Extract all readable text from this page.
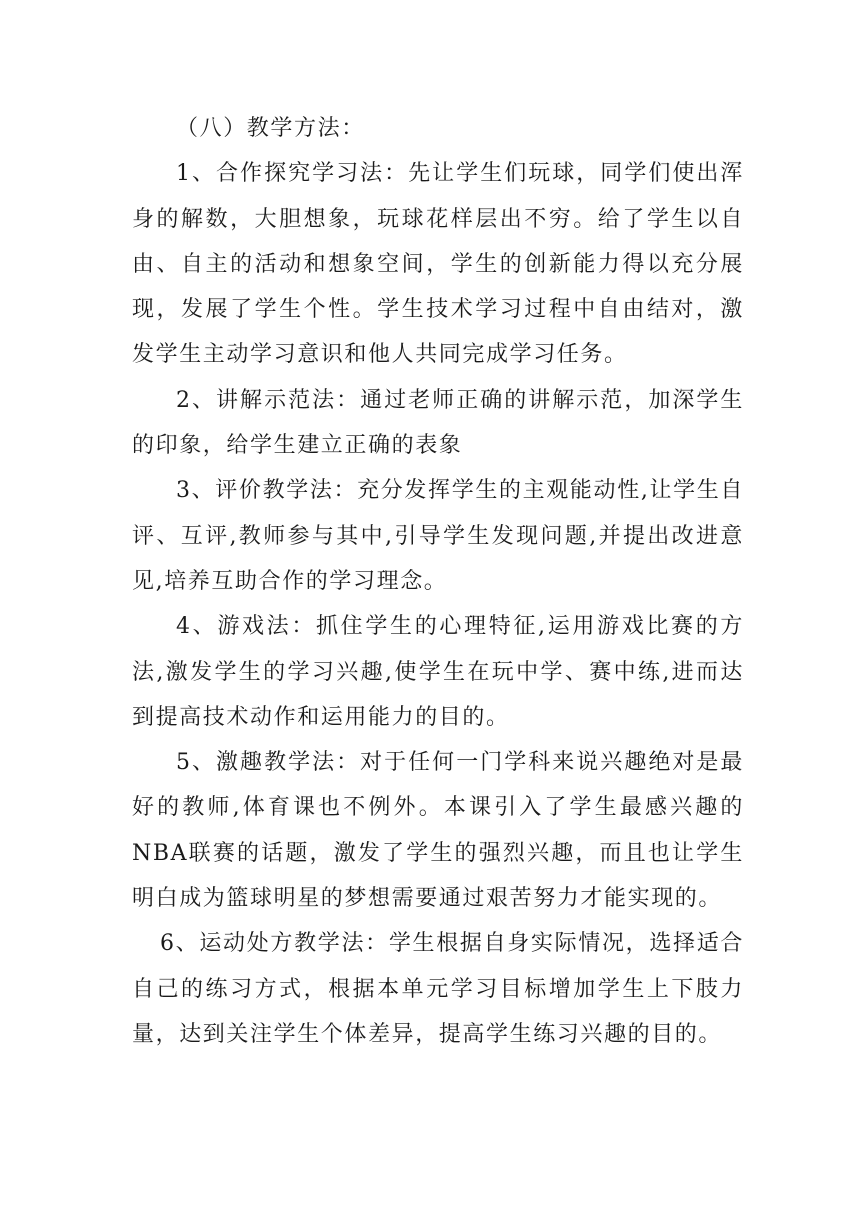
（八）教学方法：

1、合作探究学习法：先让学生们玩球，同学们使出浑身的解数，大胆想象，玩球花样层出不穷。给了学生以自由、自主的活动和想象空间，学生的创新能力得以充分展现，发展了学生个性。学生技术学习过程中自由结对，激发学生主动学习意识和他人共同完成学习任务。

2、讲解示范法：通过老师正确的讲解示范，加深学生的印象，给学生建立正确的表象

3、评价教学法：充分发挥学生的主观能动性,让学生自评、互评,教师参与其中,引导学生发现问题,并提出改进意见,培养互助合作的学习理念。

4、游戏法：抓住学生的心理特征,运用游戏比赛的方法,激发学生的学习兴趣,使学生在玩中学、赛中练,进而达到提高技术动作和运用能力的目的。

5、激趣教学法：对于任何一门学科来说兴趣绝对是最好的教师,体育课也不例外。本课引入了学生最感兴趣的NBA联赛的话题，激发了学生的强烈兴趣，而且也让学生明白成为篮球明星的梦想需要通过艰苦努力才能实现的。

6、运动处方教学法：学生根据自身实际情况，选择适合自己的练习方式，根据本单元学习目标增加学生上下肢力量，达到关注学生个体差异，提高学生练习兴趣的目的。
